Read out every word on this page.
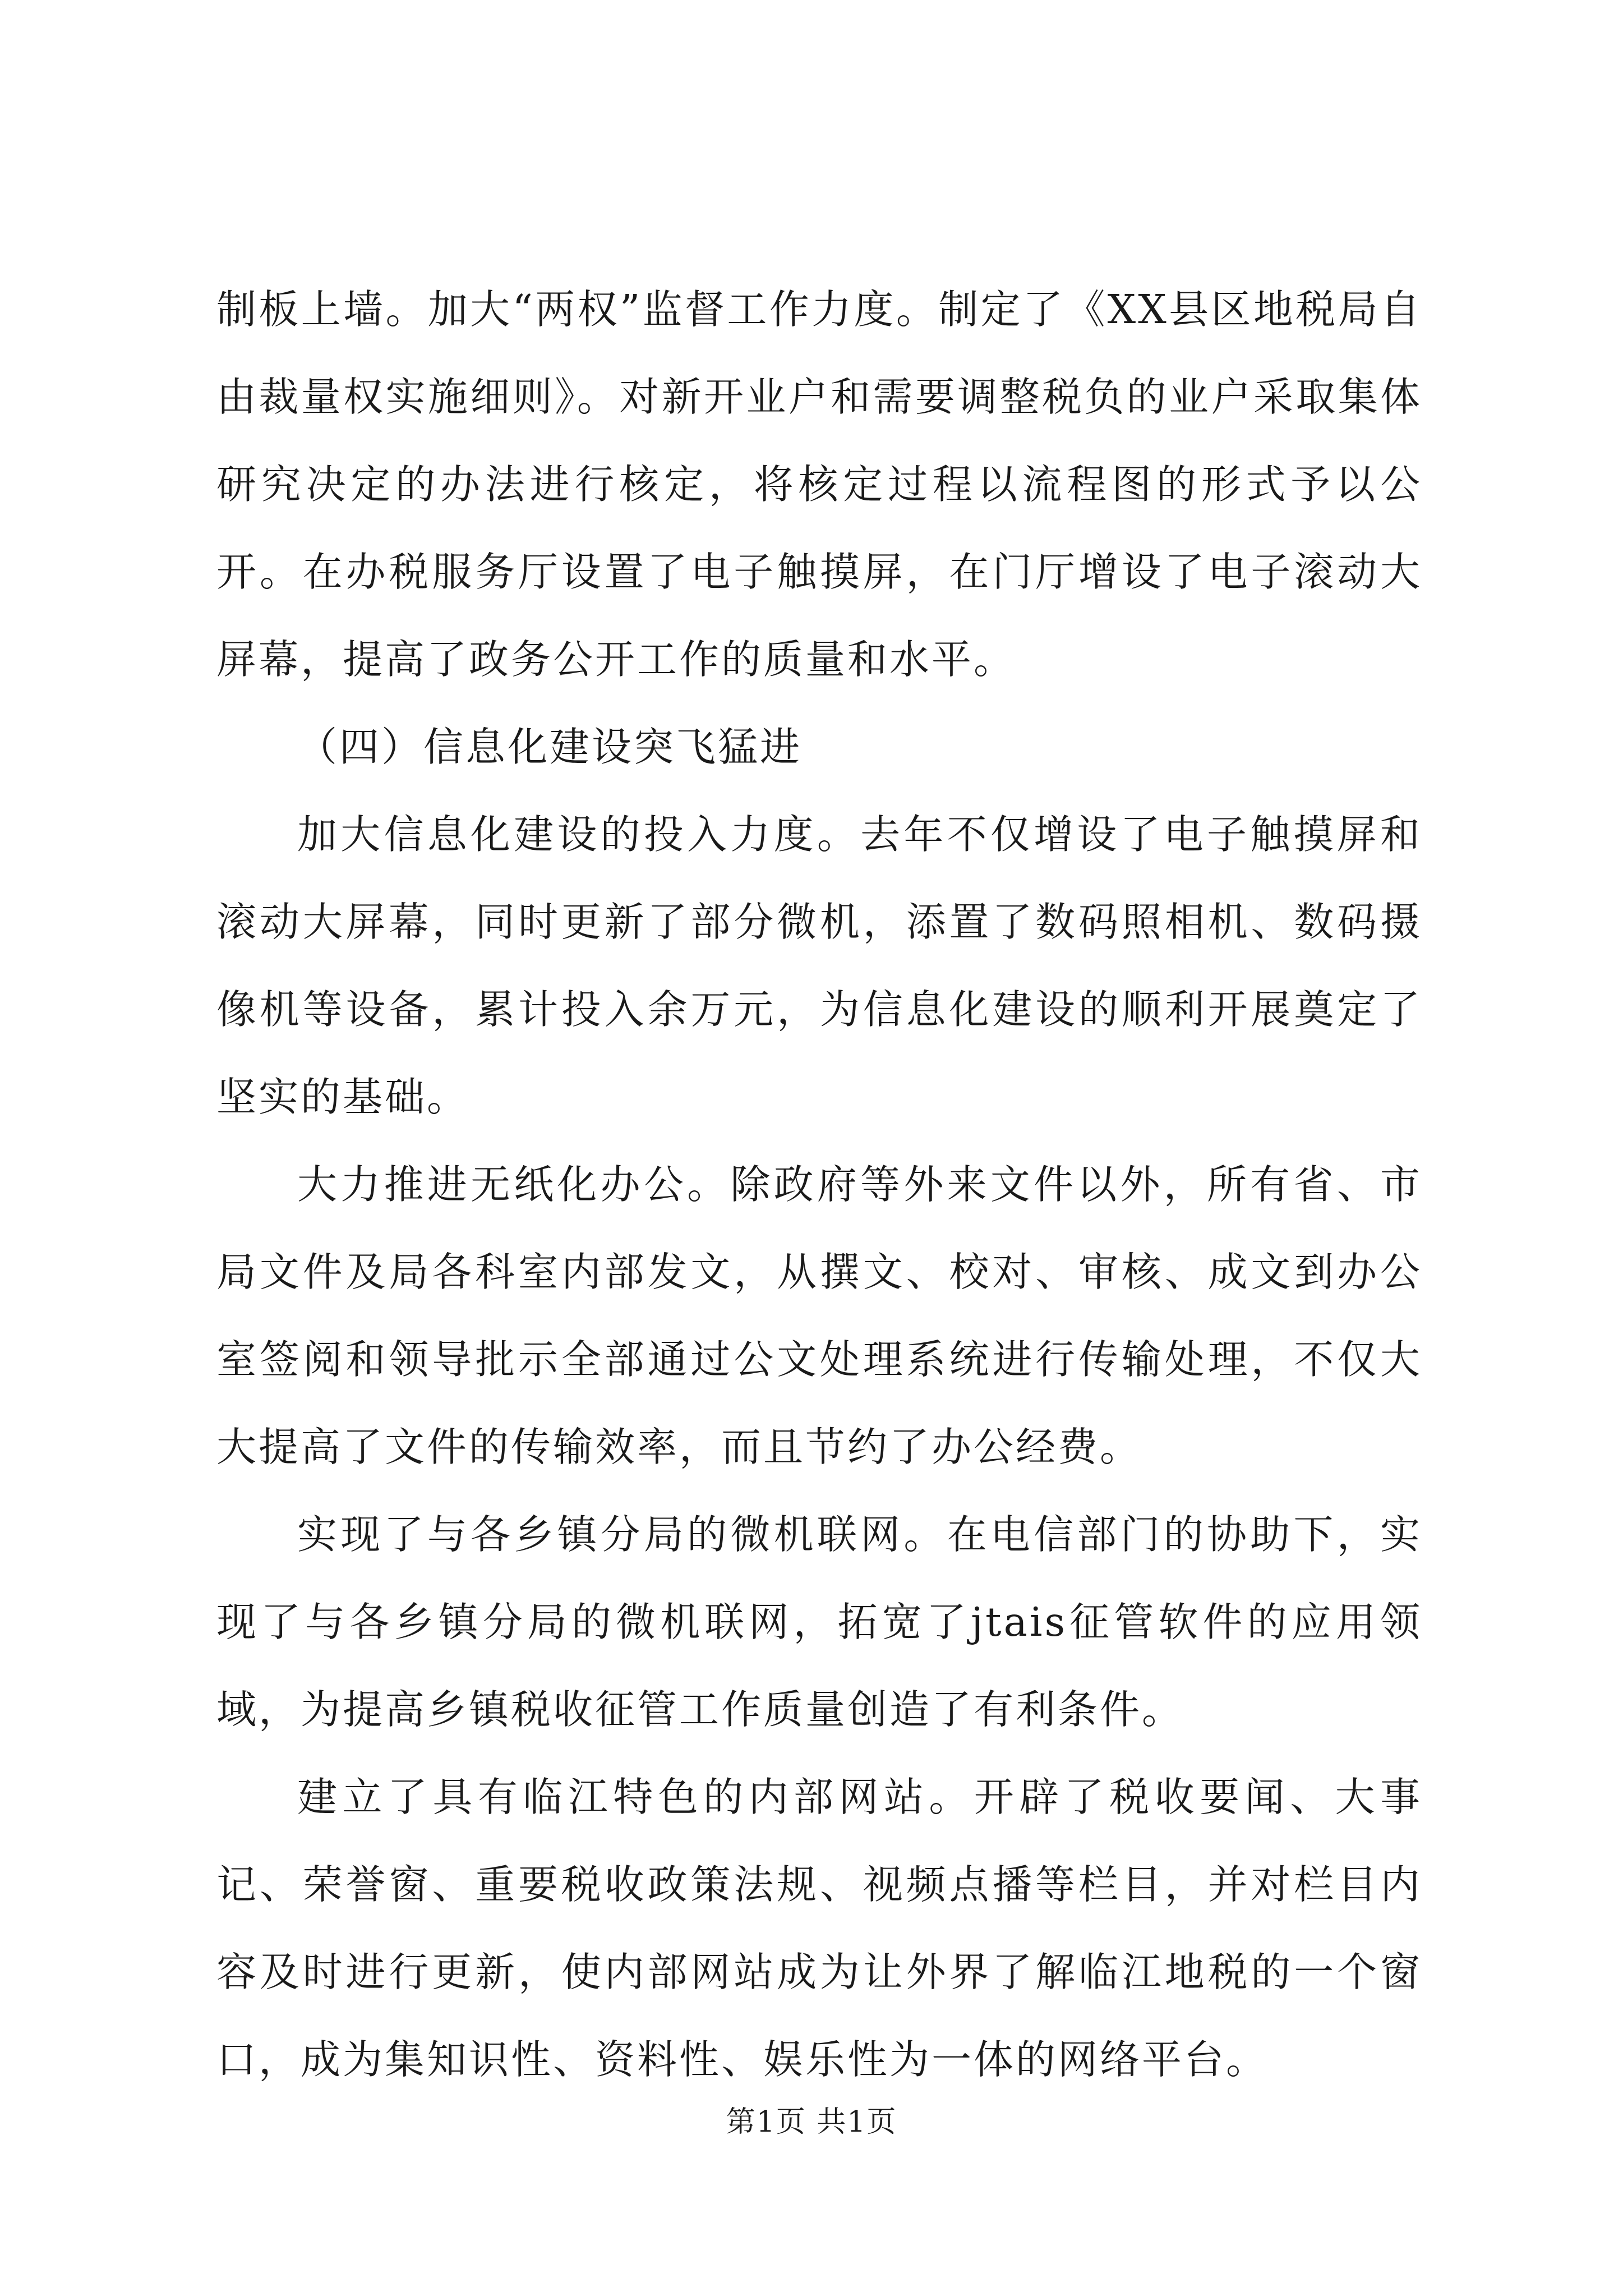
制板上墙。加大“两权”监督工作力度。制定了《XX县区地税局自由裁量权实施细则》。对新开业户和需要调整税负的业户采取集体研究决定的办法进行核定，将核定过程以流程图的形式予以公开。在办税服务厅设置了电子触摸屏，在门厅增设了电子滚动大屏幕，提高了政务公开工作的质量和水平。

（四）信息化建设突飞猛进

加大信息化建设的投入力度。去年不仅增设了电子触摸屏和滚动大屏幕，同时更新了部分微机，添置了数码照相机、数码摄像机等设备，累计投入余万元，为信息化建设的顺利开展奠定了坚实的基础。

大力推进无纸化办公。除政府等外来文件以外，所有省、市局文件及局各科室内部发文，从撰文、校对、审核、成文到办公室签阅和领导批示全部通过公文处理系统进行传输处理，不仅大大提高了文件的传输效率，而且节约了办公经费。

实现了与各乡镇分局的微机联网。在电信部门的协助下，实现了与各乡镇分局的微机联网，拓宽了jtais征管软件的应用领域，为提高乡镇税收征管工作质量创造了有利条件。

建立了具有临江特色的内部网站。开辟了税收要闻、大事记、荣誉窗、重要税收政策法规、视频点播等栏目，并对栏目内容及时进行更新，使内部网站成为让外界了解临江地税的一个窗口，成为集知识性、资料性、娱乐性为一体的网络平台。

第1页 共1页
